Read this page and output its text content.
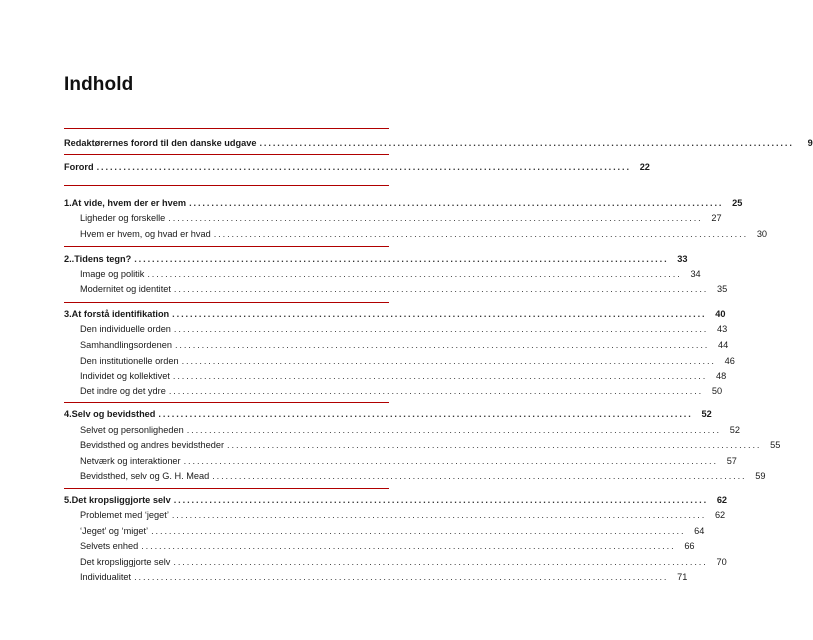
Indhold
Redaktørernes forord til den danske udgave ........................................................................................................................	9
Forord ........................................................................................................................ 22
1. At vide, hvem der er hvem ........................................................................................................................ 25
Ligheder og forskelle ........................................................................................................................ 27
Hvem er hvem, og hvad er hvad ........................................................................................................................ 30
2.. Tidens tegn? ........................................................................................................................ 33
Image og politik ........................................................................................................................ 34
Modernitet og identitet ........................................................................................................................ 35
3. At forstå identifikation ........................................................................................................................ 40
Den individuelle orden ........................................................................................................................ 43
Samhandlingsordenen ........................................................................................................................ 44
Den institutionelle orden ........................................................................................................................ 46
Individet og kollektivet ........................................................................................................................ 48
Det indre og det ydre ........................................................................................................................ 50
4. Selv og bevidsthed ........................................................................................................................ 52
Selvet og personligheden ........................................................................................................................ 52
Bevidsthed og andres bevidstheder ........................................................................................................................ 55
Netværk og interaktioner ........................................................................................................................ 57
Bevidsthed, selv og G. H. Mead ........................................................................................................................ 59
5. Det kropsliggjorte selv ........................................................................................................................ 62
Problemet med ‘jeget’ ........................................................................................................................ 62
‘Jeget’ og ‘miget’ ........................................................................................................................ 64
Selvets enhed ........................................................................................................................ 66
Det kropsliggjorte selv ........................................................................................................................ 70
Individualitet ........................................................................................................................ 71
